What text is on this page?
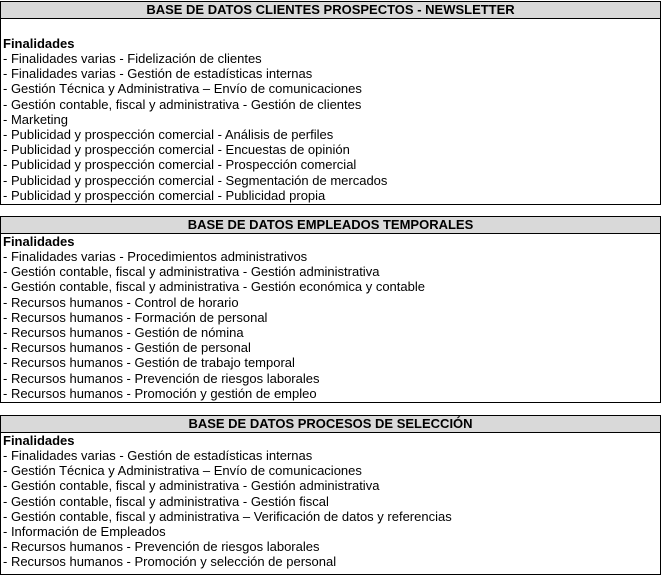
BASE DE DATOS CLIENTES PROSPECTOS - NEWSLETTER
Finalidades
- Finalidades varias - Fidelización de clientes
- Finalidades varias - Gestión de estadísticas internas
- Gestión Técnica y Administrativa – Envío de comunicaciones
- Gestión contable, fiscal y administrativa - Gestión de clientes
- Marketing
- Publicidad y prospección comercial - Análisis de perfiles
- Publicidad y prospección comercial - Encuestas de opinión
- Publicidad y prospección comercial - Prospección comercial
- Publicidad y prospección comercial - Segmentación de mercados
- Publicidad y prospección comercial - Publicidad propia
BASE DE DATOS EMPLEADOS TEMPORALES
Finalidades
- Finalidades varias - Procedimientos administrativos
- Gestión contable, fiscal y administrativa - Gestión administrativa
- Gestión contable, fiscal y administrativa - Gestión económica y contable
- Recursos humanos - Control de horario
- Recursos humanos - Formación de personal
- Recursos humanos - Gestión de nómina
- Recursos humanos - Gestión de personal
- Recursos humanos - Gestión de trabajo temporal
- Recursos humanos - Prevención de riesgos laborales
- Recursos humanos - Promoción y gestión de empleo
BASE DE DATOS PROCESOS DE SELECCIÓN
Finalidades
- Finalidades varias - Gestión de estadísticas internas
- Gestión Técnica y Administrativa – Envío de comunicaciones
- Gestión contable, fiscal y administrativa - Gestión administrativa
- Gestión contable, fiscal y administrativa - Gestión fiscal
- Gestión contable, fiscal y administrativa – Verificación de datos y referencias
- Información de Empleados
- Recursos humanos - Prevención de riesgos laborales
- Recursos humanos - Promoción y selección de personal
